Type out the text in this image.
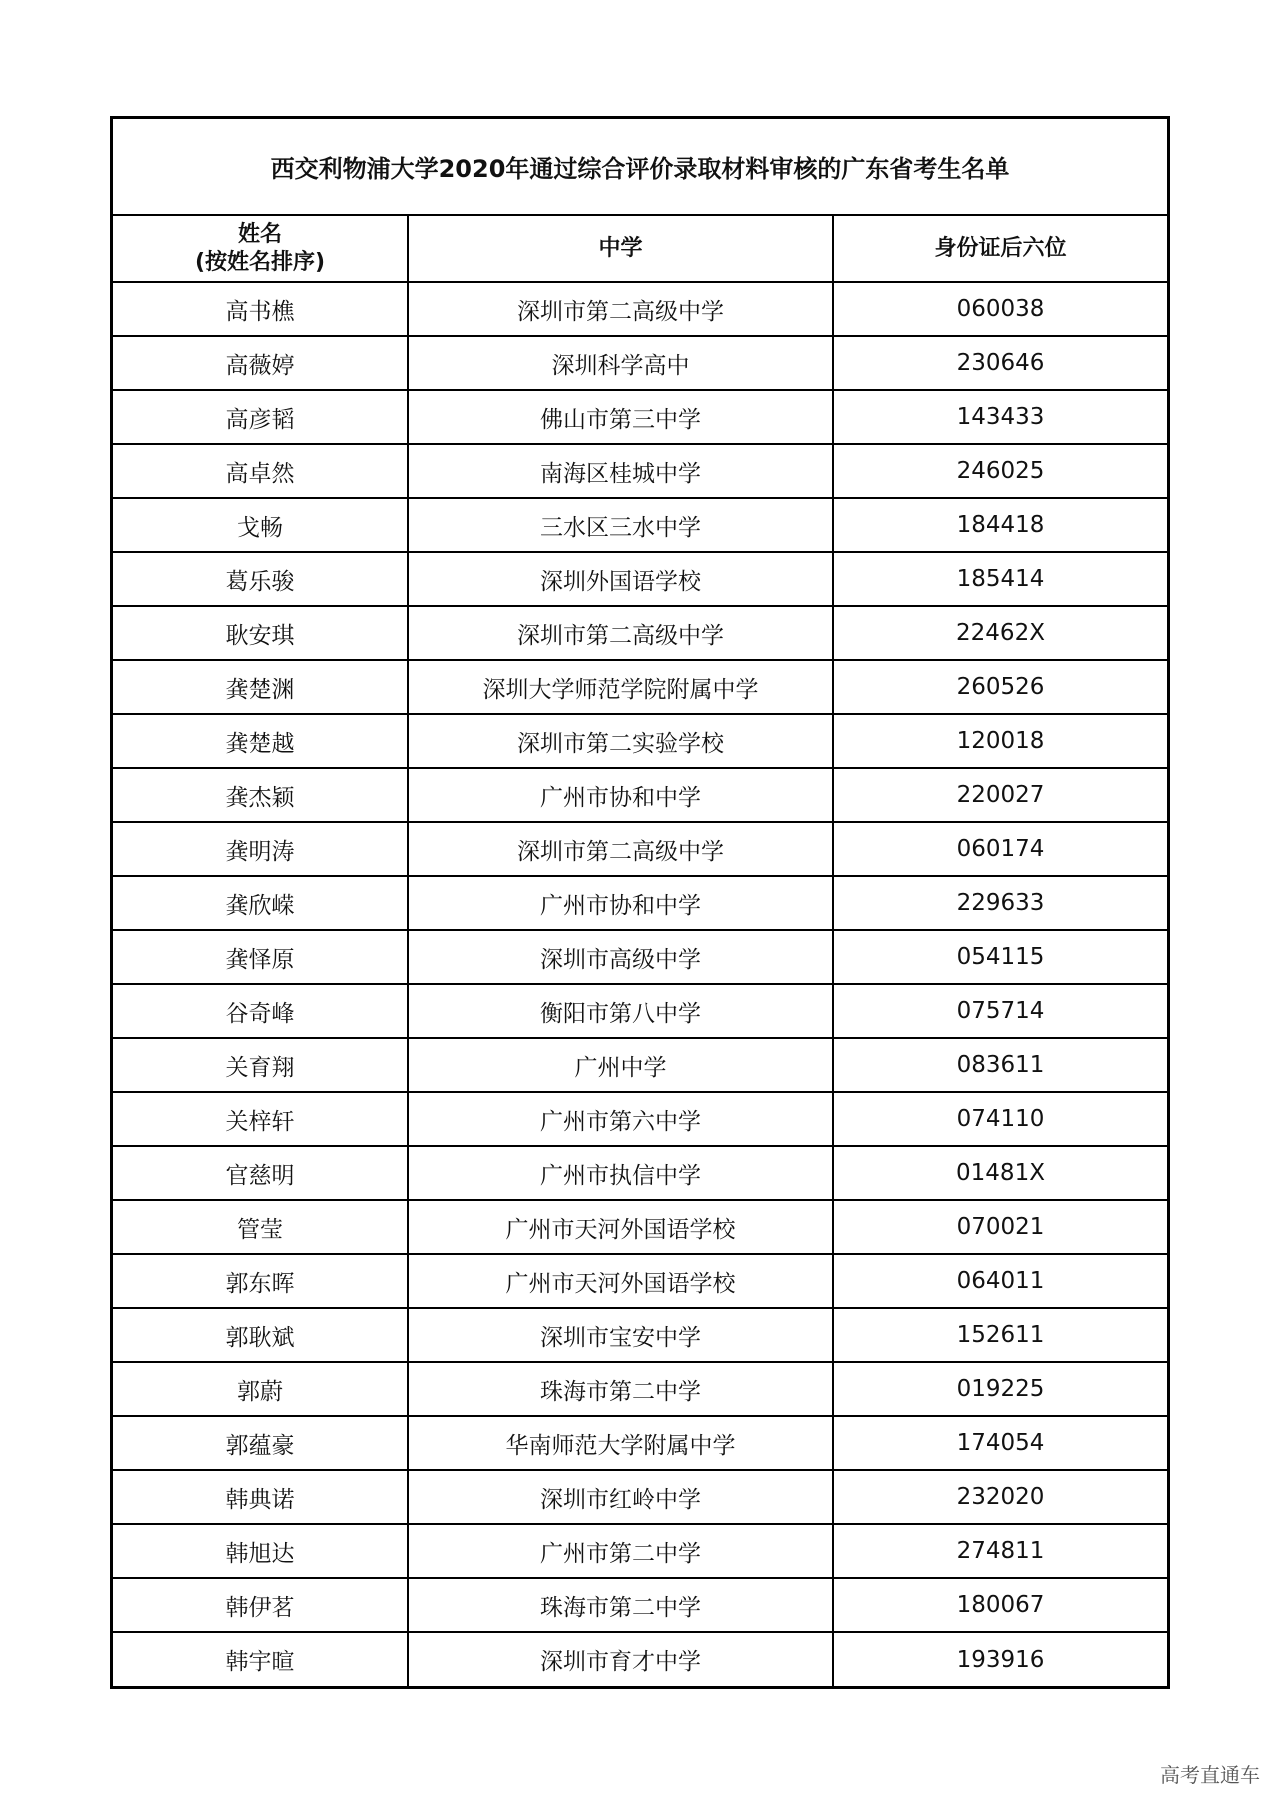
西交利物浦大学2020年通过综合评价录取材料审核的广东省考生名单
姓名
(按姓名排序)	中学	身份证后六位
高书樵	深圳市第二高级中学	060038
高薇婷	深圳科学高中	230646
高彦韬	佛山市第三中学	143433
高卓然	南海区桂城中学	246025
戈畅	三水区三水中学	184418
葛乐骏	深圳外国语学校	185414
耿安琪	深圳市第二高级中学	22462X
龚楚渊	深圳大学师范学院附属中学	260526
龚楚越	深圳市第二实验学校	120018
龚杰颖	广州市协和中学	220027
龚明涛	深圳市第二高级中学	060174
龚欣嵘	广州市协和中学	229633
龚怿原	深圳市高级中学	054115
谷奇峰	衡阳市第八中学	075714
关育翔	广州中学	083611
关梓轩	广州市第六中学	074110
官慈明	广州市执信中学	01481X
管莹	广州市天河外国语学校	070021
郭东晖	广州市天河外国语学校	064011
郭耿斌	深圳市宝安中学	152611
郭蔚	珠海市第二中学	019225
郭蕴豪	华南师范大学附属中学	174054
韩典诺	深圳市红岭中学	232020
韩旭达	广州市第二中学	274811
韩伊茗	珠海市第二中学	180067
韩宇暄	深圳市育才中学	193916
高考直通车
